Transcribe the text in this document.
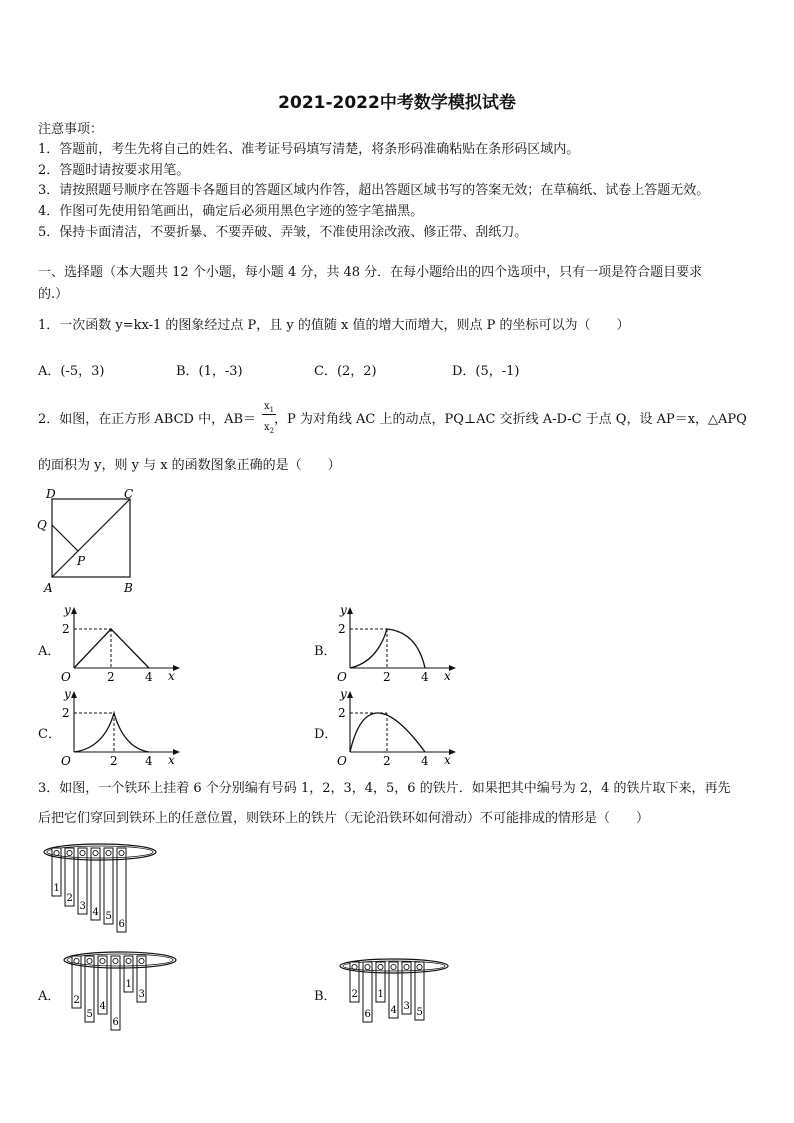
2021-2022中考数学模拟试卷
注意事项：
1．答题前，考生先将自己的姓名、准考证号码填写清楚，将条形码准确粘贴在条形码区域内。
2．答题时请按要求用笔。
3．请按照题号顺序在答题卡各题目的答题区域内作答，超出答题区域书写的答案无效；在草稿纸、试卷上答题无效。
4．作图可先使用铅笔画出，确定后必须用黑色字迹的签字笔描黑。
5．保持卡面清洁，不要折暴、不要弄破、弄皱，不准使用涂改液、修正带、刮纸刀。
一、选择题（本大题共 12 个小题，每小题 4 分，共 48 分．在每小题给出的四个选项中，只有一项是符合题目要求
的.）
1．一次函数 y=kx-1 的图象经过点 P，且 y 的值随 x 值的增大而增大，则点 P 的坐标可以为（　　）
A．(-5，3)	B．(1，-3)	C．(2，2)	D．(5，-1)
2．如图，在正方形 ABCD 中，AB＝ ，P 为对角线 AC 上的动点，PQ⊥AC 交折线 A-D-C 于点 Q，设 AP＝x，△APQ
$x_1$
$x_2$
的面积为 y，则 y 与 x 的函数图象正确的是（　　）
D	C
Q
P
A	B
A．	B．
C．	D．
y
x
O
2
2	4
y
x
O
2
2	4
y
x
O
2
2 4
y
x
O
2
2	4
3．如图，一个铁环上挂着 6 个分别编有号码 1，2，3，4，5，6 的铁片．如果把其中编号为 2，4 的铁片取下来，再先
后把它们穿回到铁环上的任意位置，则铁环上的铁片（无论沿铁环如何滑动）不可能排成的情形是（　　）
1
2
3
4 5
6
A． 2
5
4
6
1
3	B． 2
6
1
4 3
5
